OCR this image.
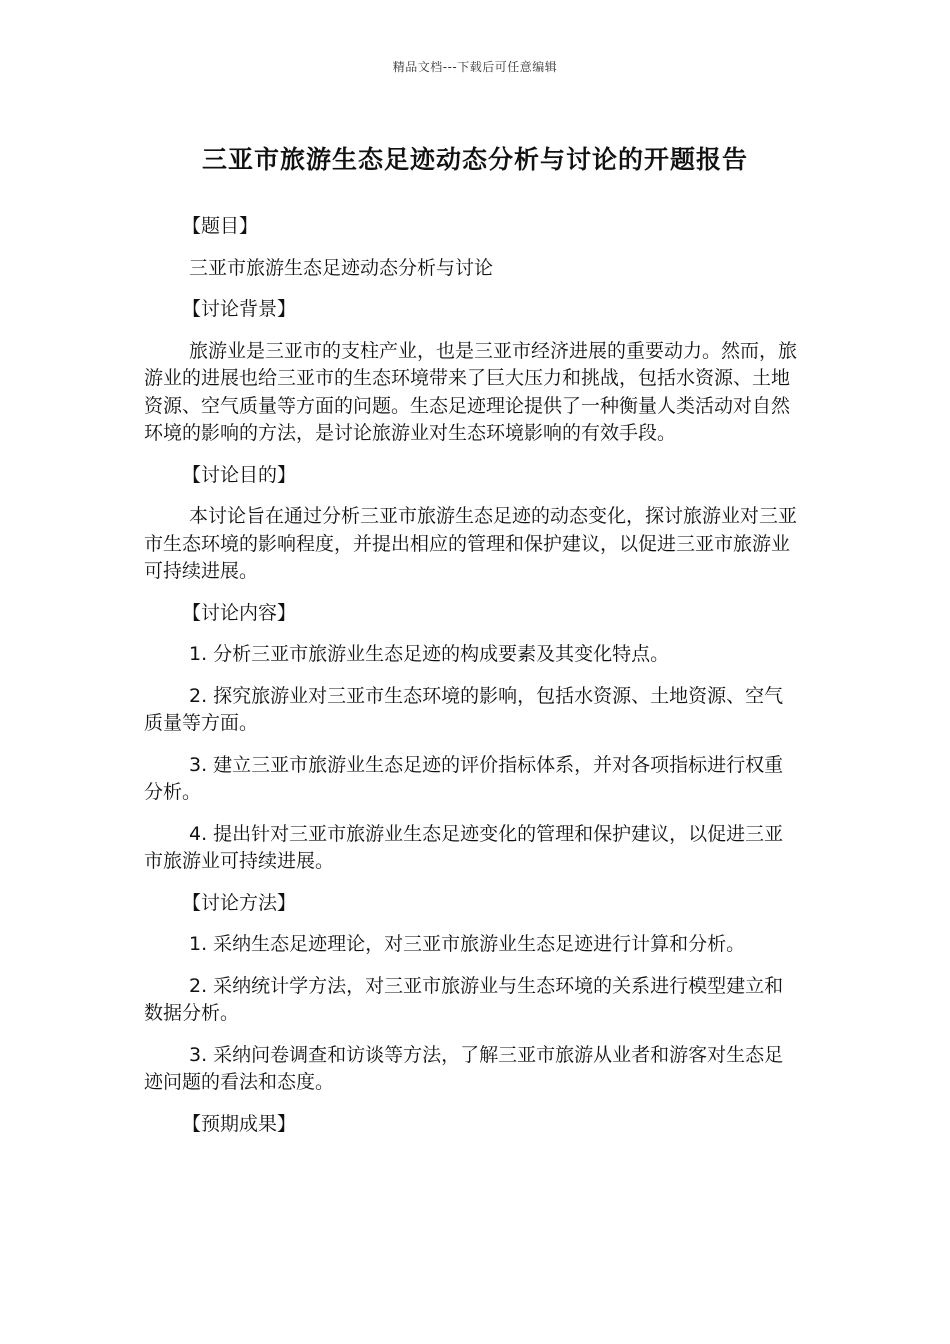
精品文档---下载后可任意编辑
三亚市旅游生态足迹动态分析与讨论的开题报告

【题目】

三亚市旅游生态足迹动态分析与讨论

【讨论背景】

旅游业是三亚市的支柱产业，也是三亚市经济进展的重要动力。然而，旅游业的进展也给三亚市的生态环境带来了巨大压力和挑战，包括水资源、土地资源、空气质量等方面的问题。生态足迹理论提供了一种衡量人类活动对自然环境的影响的方法，是讨论旅游业对生态环境影响的有效手段。

【讨论目的】

本讨论旨在通过分析三亚市旅游生态足迹的动态变化，探讨旅游业对三亚市生态环境的影响程度，并提出相应的管理和保护建议，以促进三亚市旅游业可持续进展。

【讨论内容】

1. 分析三亚市旅游业生态足迹的构成要素及其变化特点。

2. 探究旅游业对三亚市生态环境的影响，包括水资源、土地资源、空气质量等方面。

3. 建立三亚市旅游业生态足迹的评价指标体系，并对各项指标进行权重分析。

4. 提出针对三亚市旅游业生态足迹变化的管理和保护建议，以促进三亚市旅游业可持续进展。

【讨论方法】

1. 采纳生态足迹理论，对三亚市旅游业生态足迹进行计算和分析。

2. 采纳统计学方法，对三亚市旅游业与生态环境的关系进行模型建立和数据分析。

3. 采纳问卷调查和访谈等方法，了解三亚市旅游从业者和游客对生态足迹问题的看法和态度。

【预期成果】
